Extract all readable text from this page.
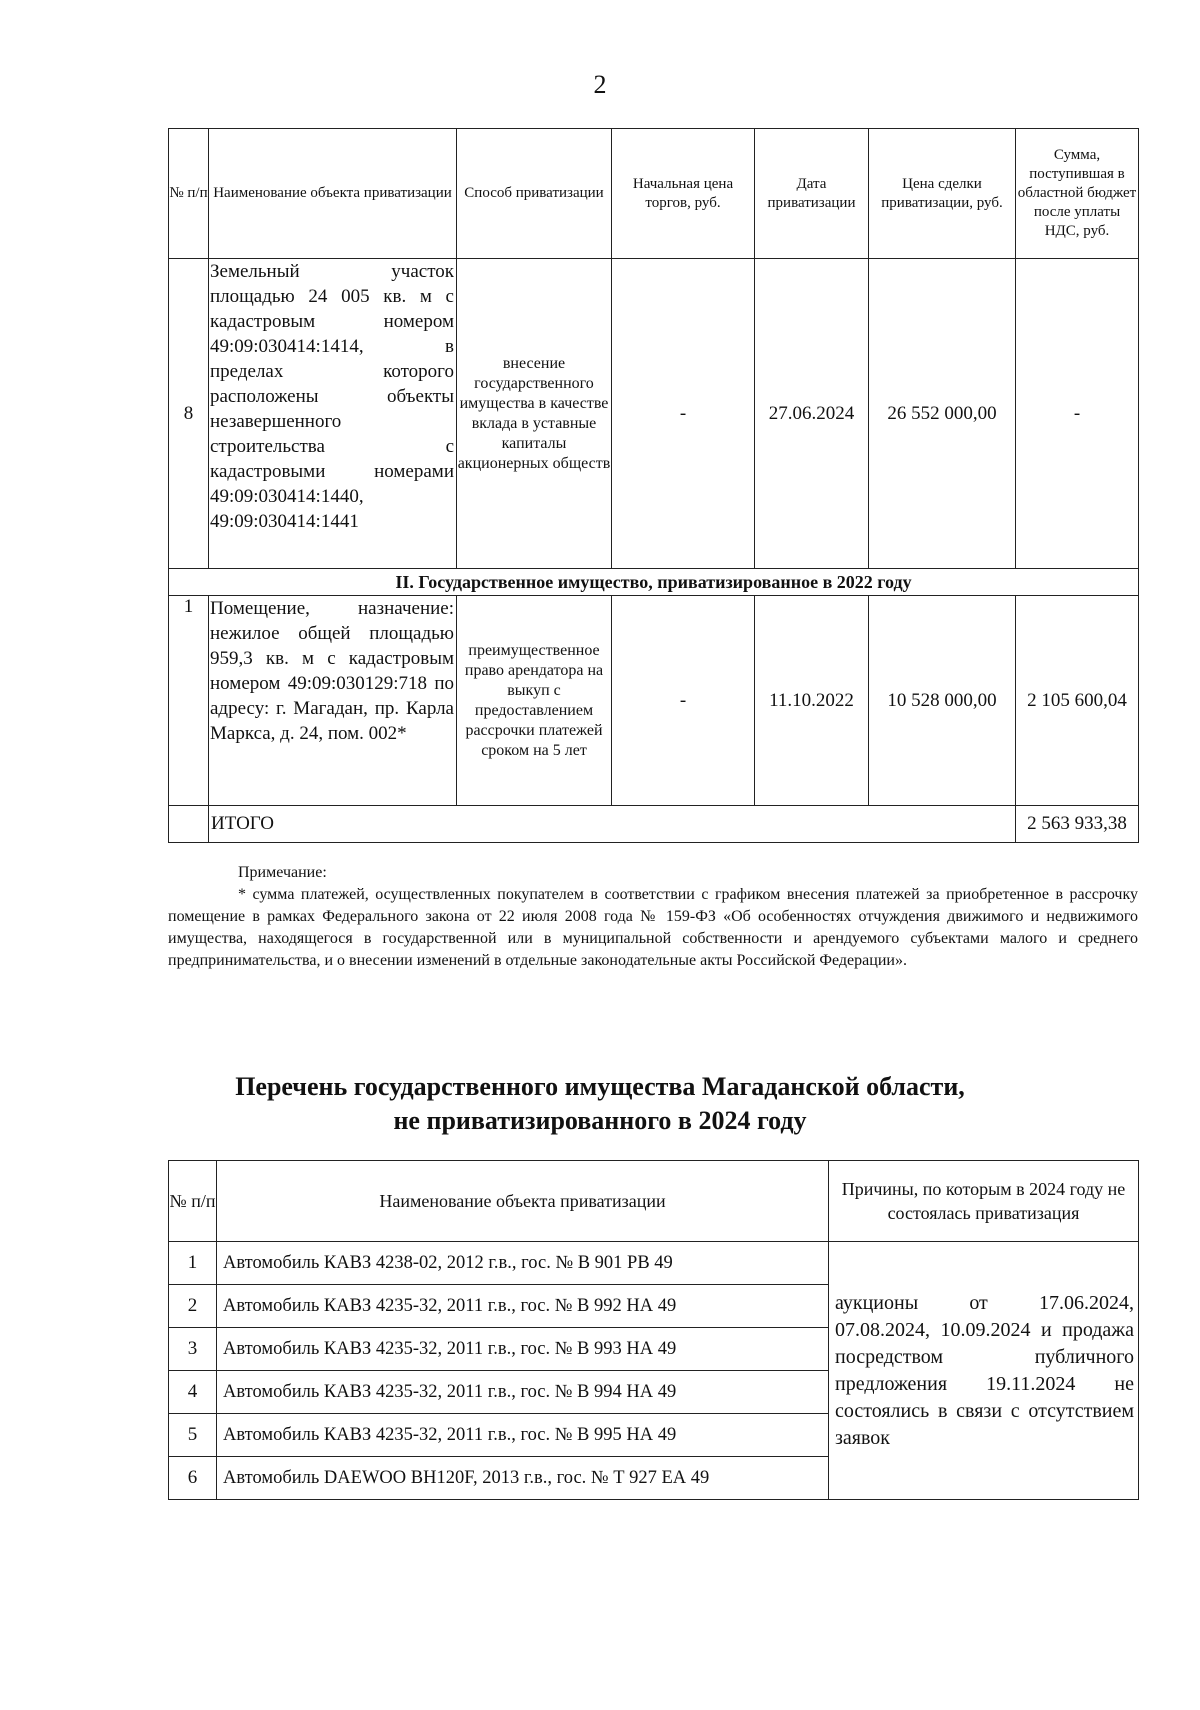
2
№ п/п	Наименование объекта приватизации	Способ приватизации	Начальная цена торгов, руб.	Дата приватизации	Цена сделки приватизации, руб.	Сумма, поступившая в областной бюджет после уплаты НДС, руб.
8	Земельный участок площадью 24 005 кв. м с кадастровым номером 49:09:030414:1414, в пределах которого расположены объекты незавершенного строительства с кадастровыми номерами 49:09:030414:1440, 49:09:030414:1441	внесение государственного имущества в качестве вклада в уставные капиталы акционерных обществ	-	27.06.2024	26 552 000,00	-
II. Государственное имущество, приватизированное в 2022 году						
1	Помещение, назначение: нежилое общей площадью 959,3 кв. м с кадастровым номером 49:09:030129:718 по адресу: г. Магадан, пр. Карла Маркса, д. 24, пом. 002*	преимущественное право арендатора на выкуп с предоставлением рассрочки платежей сроком на 5 лет	-	11.10.2022	10 528 000,00	2 105 600,04
	ИТОГО					2 563 933,38
Примечание:
* сумма платежей, осуществленных покупателем в соответствии с графиком внесения платежей за приобретенное в рассрочку помещение в рамках Федерального закона от 22 июля 2008 года № 159-ФЗ «Об особенностях отчуждения движимого и недвижимого имущества, находящегося в государственной или в муниципальной собственности и арендуемого субъектами малого и среднего предпринимательства, и о внесении изменений в отдельные законодательные акты Российской Федерации».
Перечень государственного имущества Магаданской области,
не приватизированного в 2024 году
№ п/п	Наименование объекта приватизации	Причины, по которым в 2024 году не состоялась приватизация
1	Автомобиль КАВЗ 4238-02, 2012 г.в., гос. № В 901 РВ 49	аукционы от 17.06.2024, 07.08.2024, 10.09.2024 и продажа посредством публичного предложения 19.11.2024 не состоялись в связи с отсутствием заявок
2	Автомобиль КАВЗ 4235-32, 2011 г.в., гос. № В 992 НА 49	
3	Автомобиль КАВЗ 4235-32, 2011 г.в., гос. № В 993 НА 49	
4	Автомобиль КАВЗ 4235-32, 2011 г.в., гос. № В 994 НА 49	
5	Автомобиль КАВЗ 4235-32, 2011 г.в., гос. № В 995 НА 49	
6	Автомобиль DAEWOO BH120F, 2013 г.в., гос. № Т 927 ЕА 49	
